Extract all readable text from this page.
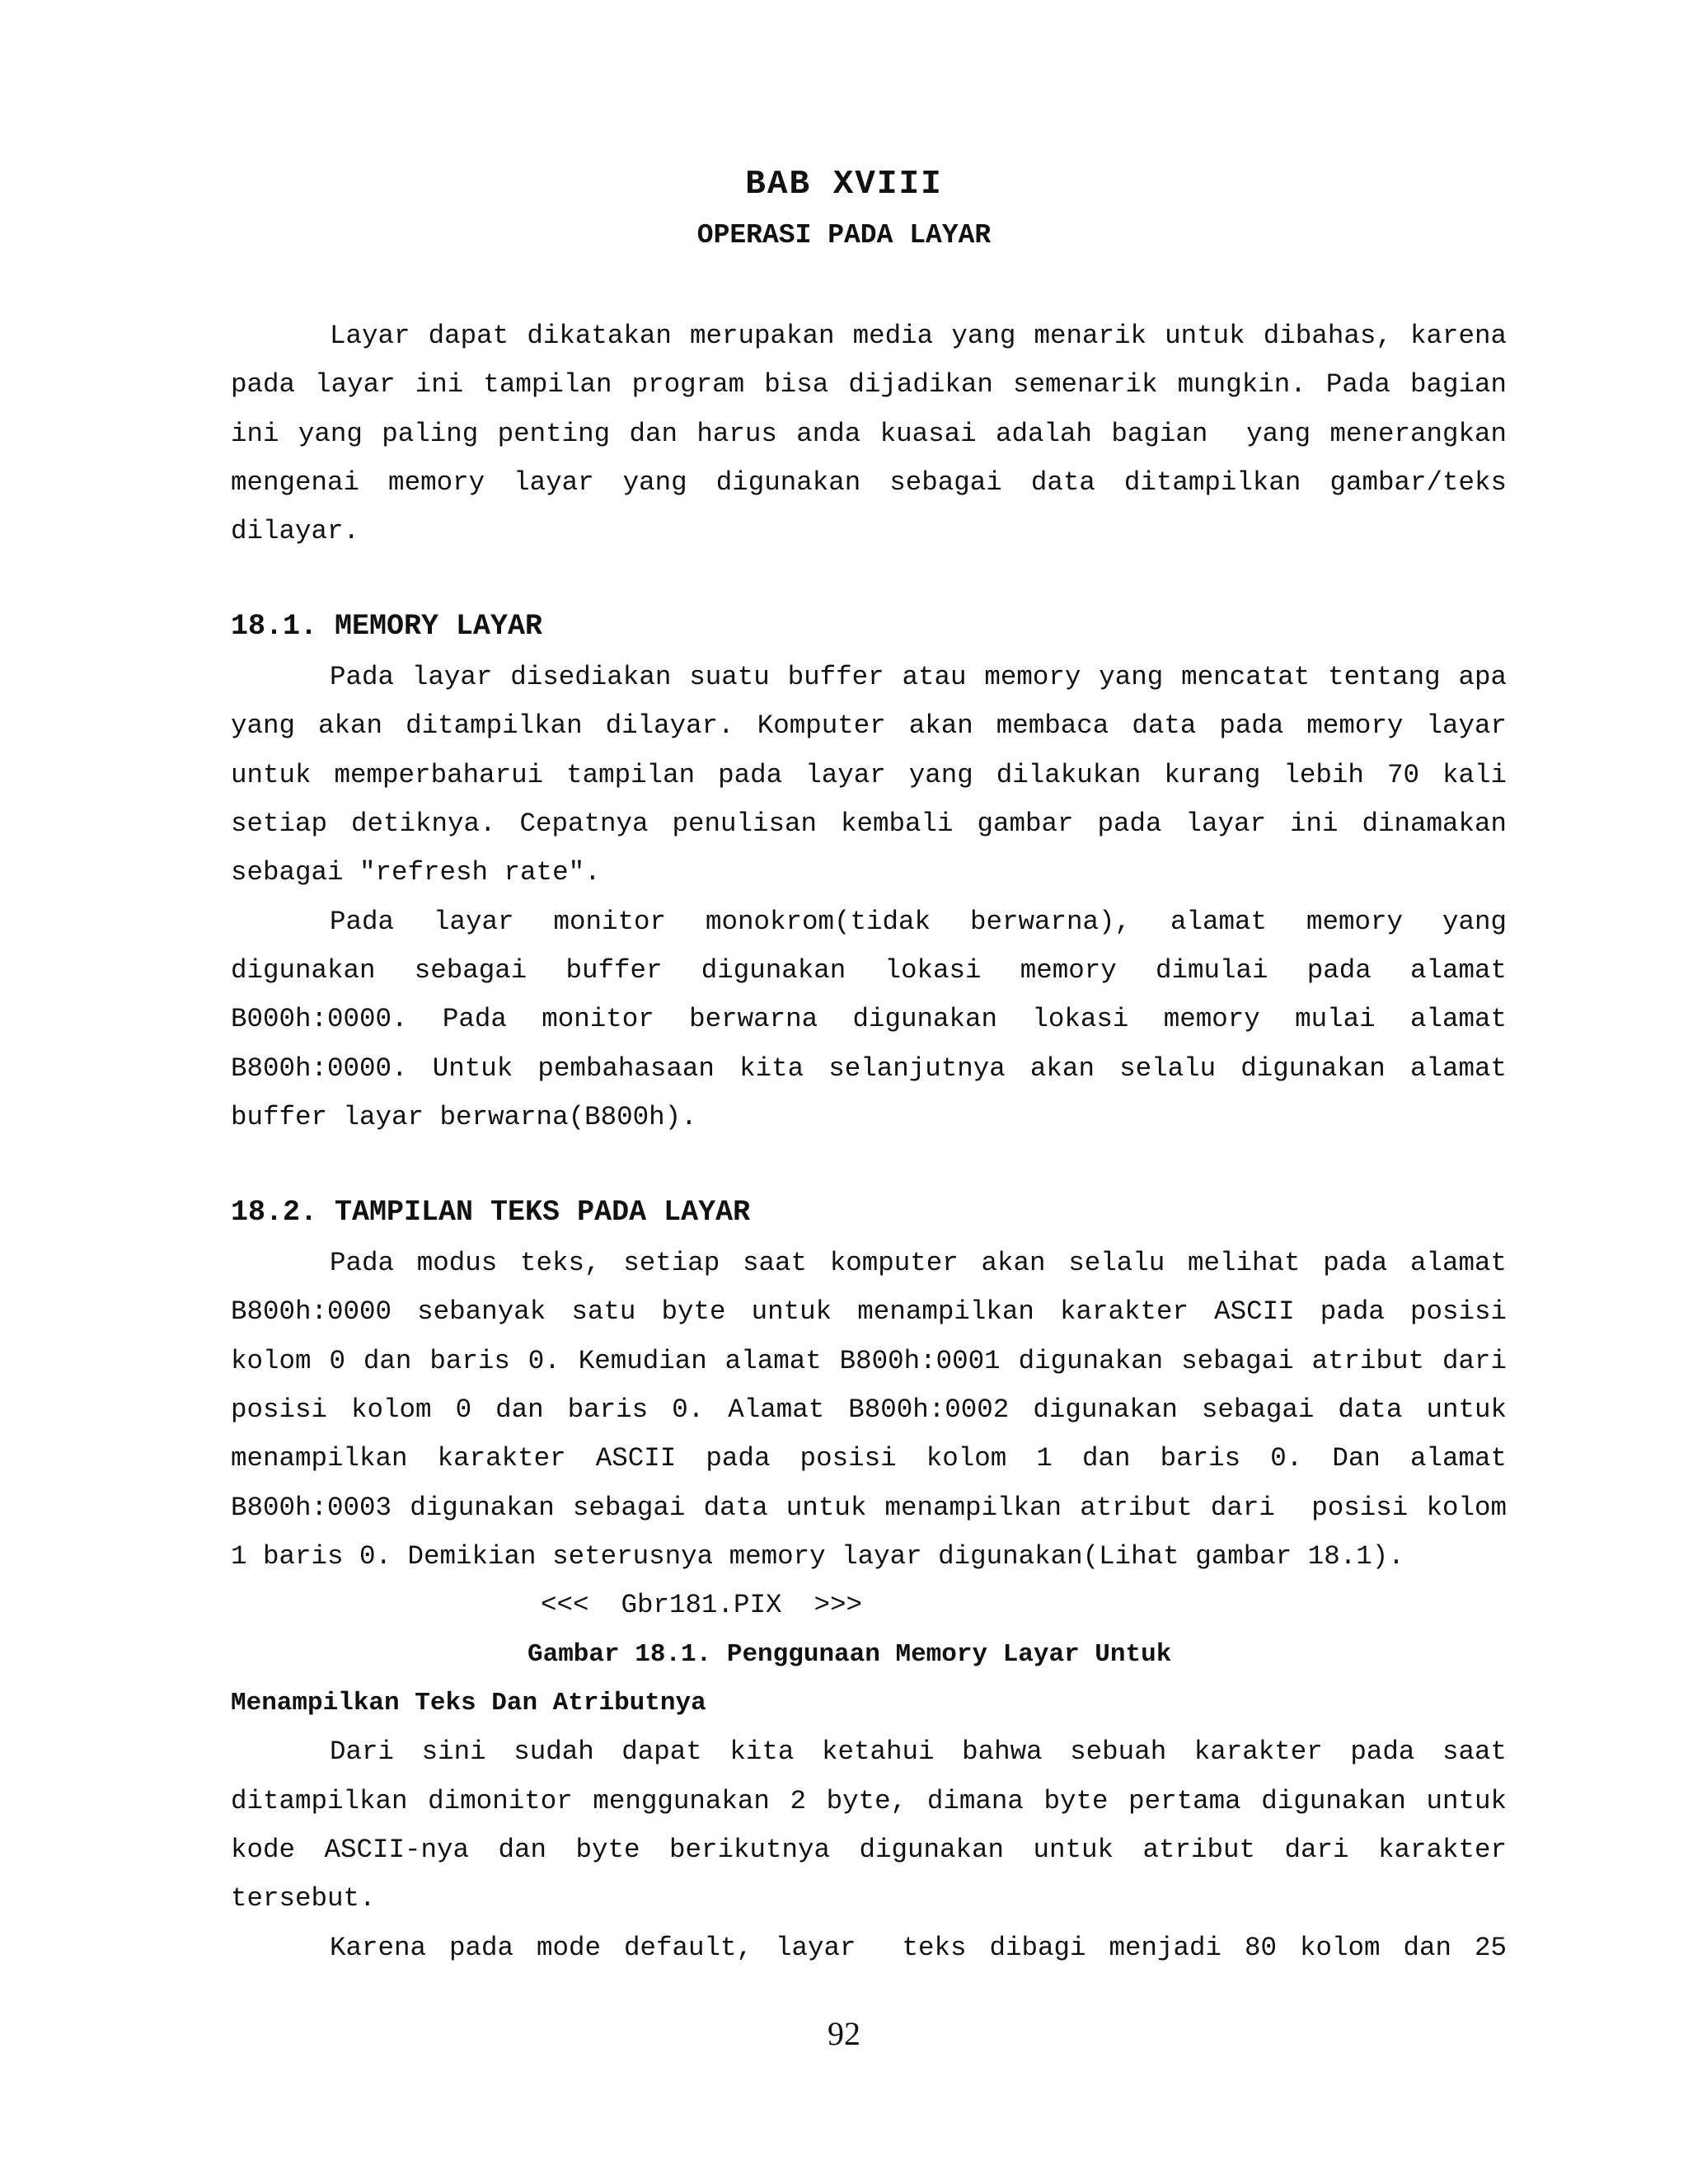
BAB XVIII
OPERASI PADA LAYAR
Layar dapat dikatakan merupakan media yang menarik untuk dibahas, karena
pada layar ini tampilan program bisa dijadikan semenarik mungkin. Pada bagian
ini yang paling penting dan harus anda kuasai adalah bagian  yang menerangkan
mengenai memory layar yang digunakan sebagai data ditampilkan gambar/teks
dilayar.
18.1. MEMORY LAYAR
Pada layar disediakan suatu buffer atau memory yang mencatat tentang apa
yang akan ditampilkan dilayar. Komputer akan membaca data pada memory layar
untuk memperbaharui tampilan pada layar yang dilakukan kurang lebih 70 kali
setiap detiknya. Cepatnya penulisan kembali gambar pada layar ini dinamakan
sebagai "refresh rate".
Pada layar monitor monokrom(tidak berwarna), alamat memory yang
digunakan sebagai buffer digunakan lokasi memory dimulai pada alamat
B000h:0000. Pada monitor berwarna digunakan lokasi memory mulai alamat
B800h:0000. Untuk pembahasaan kita selanjutnya akan selalu digunakan alamat
buffer layar berwarna(B800h).
18.2. TAMPILAN TEKS PADA LAYAR
Pada modus teks, setiap saat komputer akan selalu melihat pada alamat
B800h:0000 sebanyak satu byte untuk menampilkan karakter ASCII pada posisi
kolom 0 dan baris 0. Kemudian alamat B800h:0001 digunakan sebagai atribut dari
posisi kolom 0 dan baris 0. Alamat B800h:0002 digunakan sebagai data untuk
menampilkan karakter ASCII pada posisi kolom 1 dan baris 0. Dan alamat
B800h:0003 digunakan sebagai data untuk menampilkan atribut dari  posisi kolom
1 baris 0. Demikian seterusnya memory layar digunakan(Lihat gambar 18.1).
<<<  Gbr181.PIX  >>>
Gambar 18.1. Penggunaan Memory Layar Untuk
Menampilkan Teks Dan Atributnya
Dari sini sudah dapat kita ketahui bahwa sebuah karakter pada saat
ditampilkan dimonitor menggunakan 2 byte, dimana byte pertama digunakan untuk
kode ASCII-nya dan byte berikutnya digunakan untuk atribut dari karakter
tersebut.
Karena pada mode default, layar  teks dibagi menjadi 80 kolom dan 25
92
